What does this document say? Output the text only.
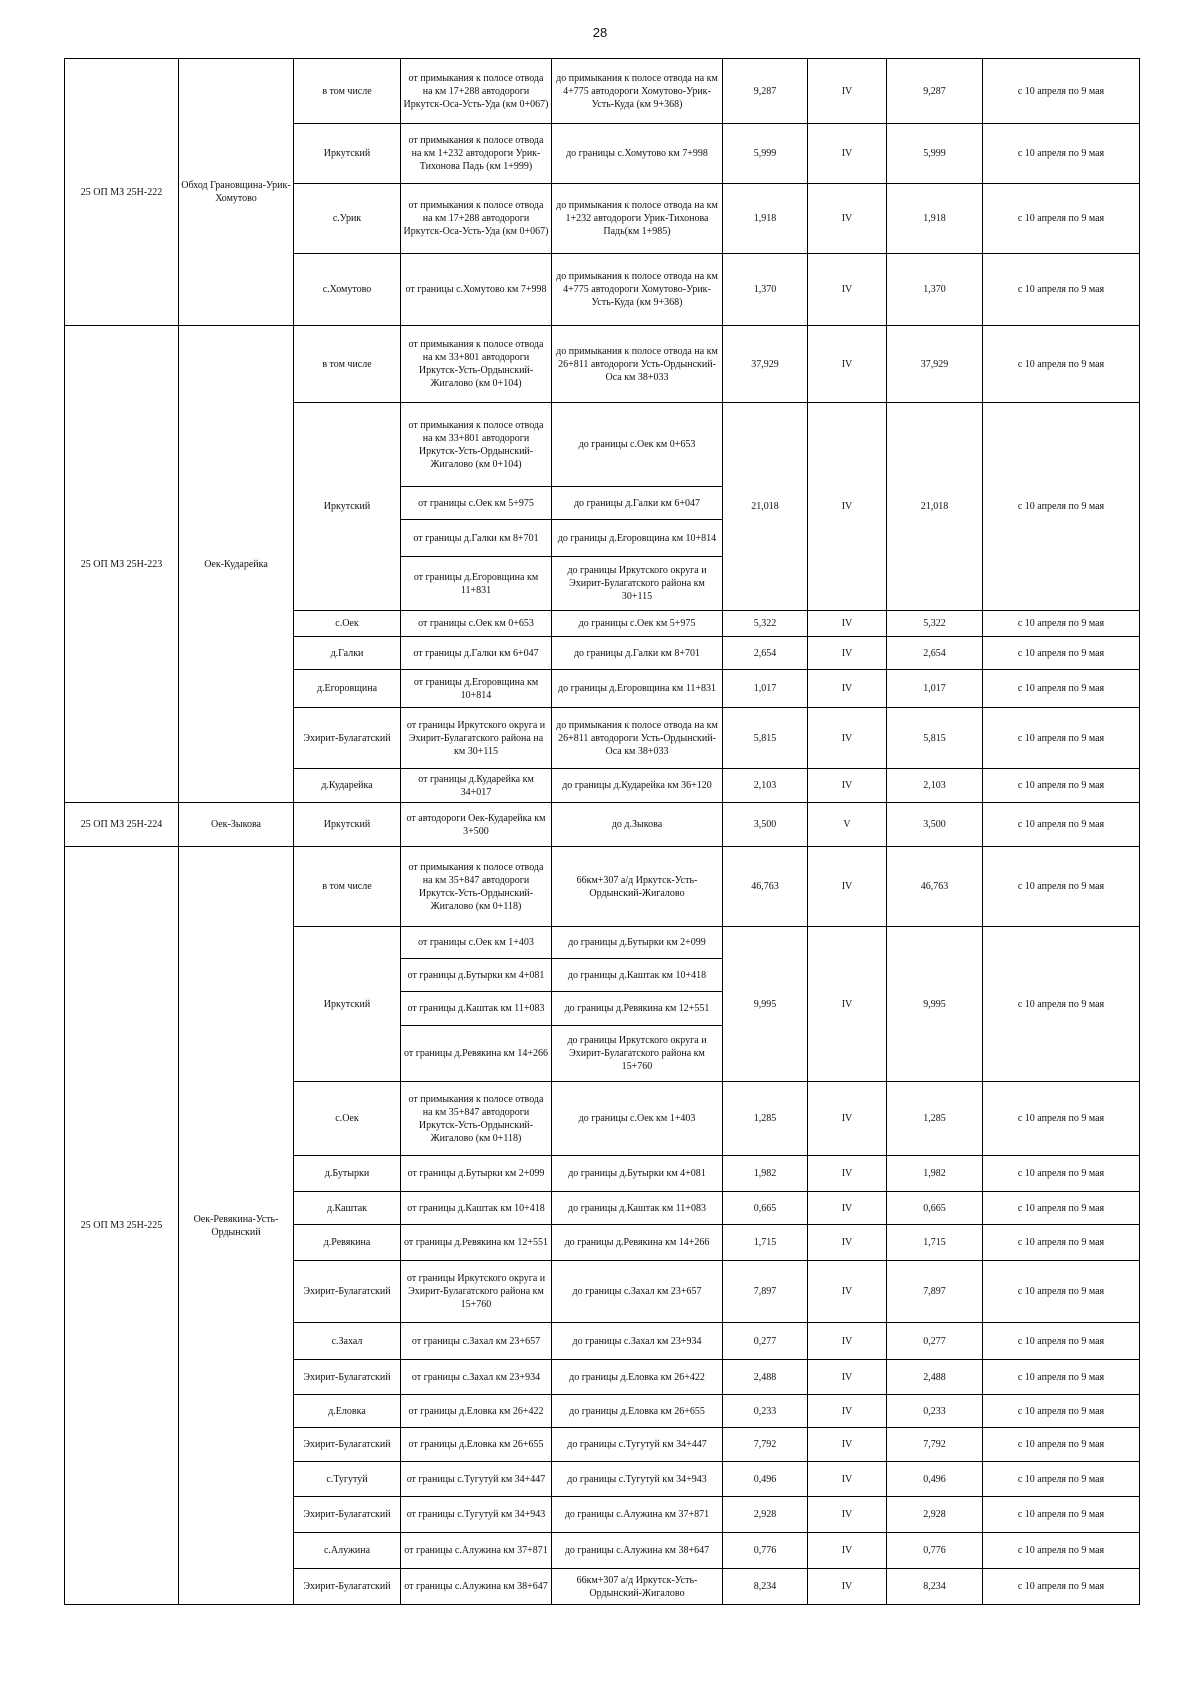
28
25 ОП МЗ 25Н-222	Обход Грановщина-Урик-Хомутово	в том числе	от примыкания к полосе отвода на км 17+288 автодороги Иркутск-Оса-Усть-Уда (км 0+067)	до примыкания к полосе отвода на км 4+775 автодороги Хомутово-Урик-Усть-Куда (км 9+368)	9,287	IV	9,287	с 10 апреля по 9 мая
		Иркутский	от примыкания к полосе отвода на км 1+232 автодороги Урик-Тихонова Падь (км 1+999)	до границы с.Хомутово км 7+998	5,999	IV	5,999	с 10 апреля по 9 мая
		с.Урик	от примыкания к полосе отвода на км 17+288 автодороги Иркутск-Оса-Усть-Уда (км 0+067)	до примыкания к полосе отвода на км 1+232 автодороги Урик-Тихонова Падь(км 1+985)	1,918	IV	1,918	с 10 апреля по 9 мая
		с.Хомутово	от границы с.Хомутово км 7+998	до примыкания к полосе отвода на км 4+775 автодороги Хомутово-Урик-Усть-Куда (км 9+368)	1,370	IV	1,370	с 10 апреля по 9 мая
25 ОП МЗ 25Н-223	Оек-Кударейка	в том числе	от примыкания к полосе отвода на км 33+801 автодороги Иркутск-Усть-Ордынский-Жигалово (км 0+104)	до примыкания к полосе отвода на км 26+811 автодороги Усть-Ордынский-Оса км 38+033	37,929	IV	37,929	с 10 апреля по 9 мая
		Иркутский	от примыкания к полосе отвода на км 33+801 автодороги Иркутск-Усть-Ордынский-Жигалово (км 0+104)	до границы с.Оек км 0+653	21,018	IV	21,018	с 10 апреля по 9 мая
			от границы с.Оек км 5+975	до границы д.Галки км 6+047				
			от границы д.Галки км 8+701	до границы д.Егоровщина км 10+814				
			от границы д.Егоровщина км 11+831	до границы Иркутского округа и Эхирит-Булагатского района км 30+115				
		с.Оек	от границы с.Оек км 0+653	до границы с.Оек км 5+975	5,322	IV	5,322	с 10 апреля по 9 мая
		д.Галки	от границы д.Галки км 6+047	до границы д.Галки км 8+701	2,654	IV	2,654	с 10 апреля по 9 мая
		д.Егоровщина	от границы д.Егоровщина км 10+814	до границы д.Егоровщина км 11+831	1,017	IV	1,017	с 10 апреля по 9 мая
		Эхирит-Булагатский	от границы Иркутского округа и Эхирит-Булагатского района на км 30+115	до примыкания к полосе отвода на км 26+811 автодороги Усть-Ордынский-Оса км 38+033	5,815	IV	5,815	с 10 апреля по 9 мая
		д.Кударейка	от границы д.Кударейка км 34+017	до границы д.Кударейка км 36+120	2,103	IV	2,103	с 10 апреля по 9 мая
25 ОП МЗ 25Н-224	Оек-Зыкова	Иркутский	от автодороги Оек-Кударейка км 3+500	до д.Зыкова	3,500	V	3,500	с 10 апреля по 9 мая
25 ОП МЗ 25Н-225	Оек-Ревякина-Усть-Ордынский	в том числе	от примыкания к полосе отвода на км 35+847 автодороги Иркутск-Усть-Ордынский-Жигалово (км 0+118)	66км+307 а/д Иркутск-Усть-Ордынский-Жигалово	46,763	IV	46,763	с 10 апреля по 9 мая
		Иркутский	от границы с.Оек км 1+403	до границы д.Бутырки км 2+099	9,995	IV	9,995	с 10 апреля по 9 мая
			от границы д.Бутырки км 4+081	до границы д.Каштак км 10+418				
			от границы д.Каштак км 11+083	до границы д.Ревякина км 12+551				
			от границы д.Ревякина км 14+266	до границы Иркутского округа и Эхирит-Булагатского района км 15+760				
		с.Оек	от примыкания к полосе отвода на км 35+847 автодороги Иркутск-Усть-Ордынский-Жигалово (км 0+118)	до границы с.Оек км 1+403	1,285	IV	1,285	с 10 апреля по 9 мая
		д.Бутырки	от границы д.Бутырки км 2+099	до границы д.Бутырки км 4+081	1,982	IV	1,982	с 10 апреля по 9 мая
		д.Каштак	от границы д.Каштак км 10+418	до границы д.Каштак км 11+083	0,665	IV	0,665	с 10 апреля по 9 мая
		д.Ревякина	от границы д.Ревякина км 12+551	до границы д.Ревякина км 14+266	1,715	IV	1,715	с 10 апреля по 9 мая
		Эхирит-Булагатский	от границы Иркутского округа и Эхирит-Булагатского района км 15+760	до границы с.Захал км 23+657	7,897	IV	7,897	с 10 апреля по 9 мая
		с.Захал	от границы с.Захал км 23+657	до границы с.Захал км 23+934	0,277	IV	0,277	с 10 апреля по 9 мая
		Эхирит-Булагатский	от границы с.Захал км 23+934	до границы д.Еловка км 26+422	2,488	IV	2,488	с 10 апреля по 9 мая
		д.Еловка	от границы д.Еловка км 26+422	до границы д.Еловка км 26+655	0,233	IV	0,233	с 10 апреля по 9 мая
		Эхирит-Булагатский	от границы д.Еловка км 26+655	до границы с.Тугутуй км 34+447	7,792	IV	7,792	с 10 апреля по 9 мая
		с.Тугутуй	от границы с.Тугутуй км 34+447	до границы с.Тугутуй км 34+943	0,496	IV	0,496	с 10 апреля по 9 мая
		Эхирит-Булагатский	от границы с.Тугутуй км 34+943	до границы с.Алужина км 37+871	2,928	IV	2,928	с 10 апреля по 9 мая
		с.Алужина	от границы с.Алужина км 37+871	до границы с.Алужина км 38+647	0,776	IV	0,776	с 10 апреля по 9 мая
		Эхирит-Булагатский	от границы с.Алужина км 38+647	66км+307 а/д Иркутск-Усть-Ордынский-Жигалово	8,234	IV	8,234	с 10 апреля по 9 мая
